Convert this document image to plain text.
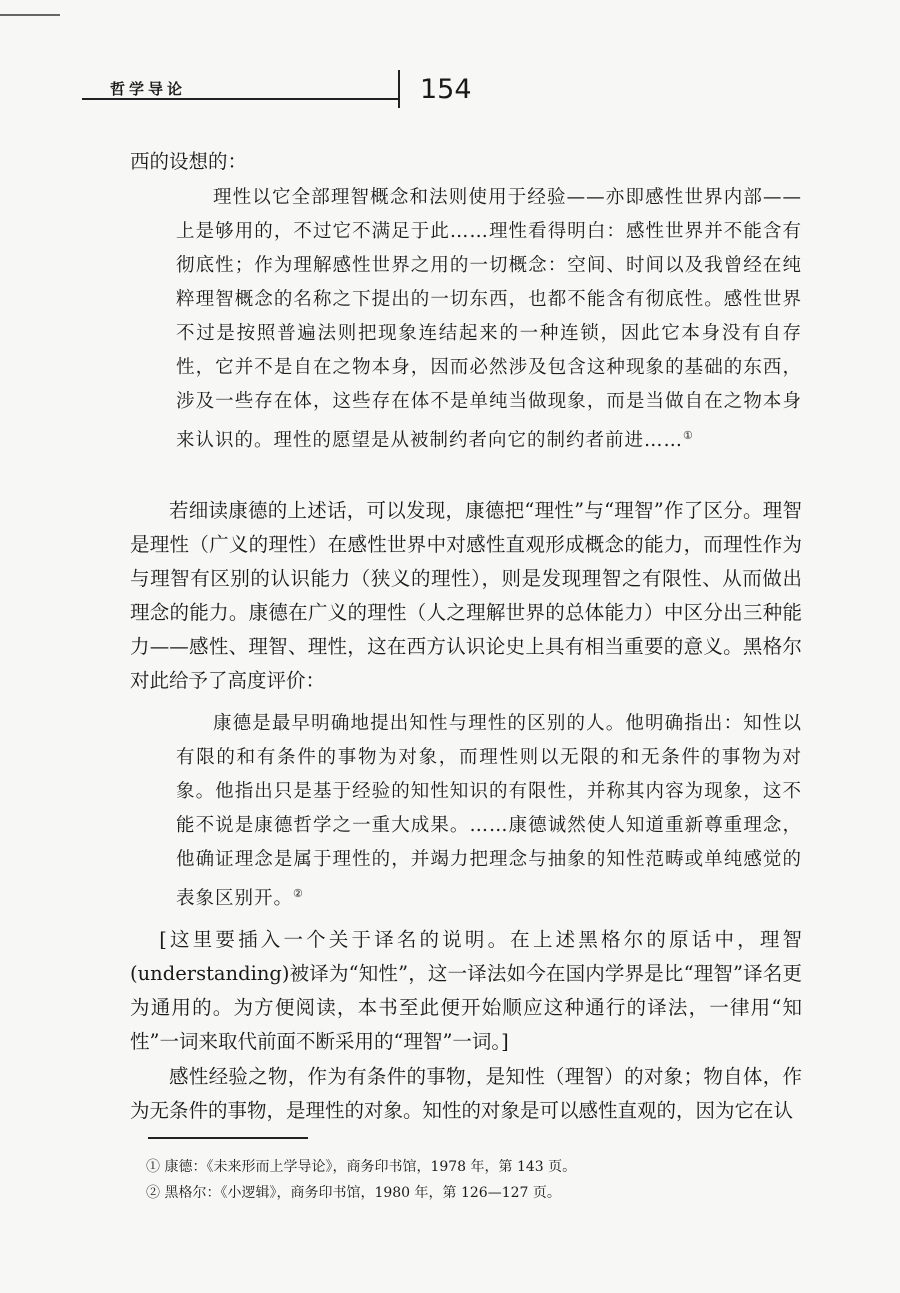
哲学导论	154

西的设想的：

理性以它全部理智概念和法则使用于经验——亦即感性世界内部——上是够用的，不过它不满足于此……理性看得明白：感性世界并不能含有彻底性；作为理解感性世界之用的一切概念：空间、时间以及我曾经在纯粹理智概念的名称之下提出的一切东西，也都不能含有彻底性。感性世界不过是按照普遍法则把现象连结起来的一种连锁，因此它本身没有自存性，它并不是自在之物本身，因而必然涉及包含这种现象的基础的东西，涉及一些存在体，这些存在体不是单纯当做现象，而是当做自在之物本身来认识的。理性的愿望是从被制约者向它的制约者前进……①

若细读康德的上述话，可以发现，康德把“理性”与“理智”作了区分。理智是理性（广义的理性）在感性世界中对感性直观形成概念的能力，而理性作为与理智有区别的认识能力（狭义的理性），则是发现理智之有限性、从而做出理念的能力。康德在广义的理性（人之理解世界的总体能力）中区分出三种能力——感性、理智、理性，这在西方认识论史上具有相当重要的意义。黑格尔对此给予了高度评价：

康德是最早明确地提出知性与理性的区别的人。他明确指出：知性以有限的和有条件的事物为对象，而理性则以无限的和无条件的事物为对象。他指出只是基于经验的知性知识的有限性，并称其内容为现象，这不能不说是康德哲学之一重大成果。……康德诚然使人知道重新尊重理念，他确证理念是属于理性的，并竭力把理念与抽象的知性范畴或单纯感觉的表象区别开。②

[这里要插入一个关于译名的说明。在上述黑格尔的原话中，理智(understanding)被译为“知性”，这一译法如今在国内学界是比“理智”译名更为通用的。为方便阅读，本书至此便开始顺应这种通行的译法，一律用“知性”一词来取代前面不断采用的“理智”一词。]

感性经验之物，作为有条件的事物，是知性（理智）的对象；物自体，作为无条件的事物，是理性的对象。知性的对象是可以感性直观的，因为它在认

① 康德：《未来形而上学导论》，商务印书馆，1978 年，第 143 页。
② 黑格尔：《小逻辑》，商务印书馆，1980 年，第 126—127 页。
